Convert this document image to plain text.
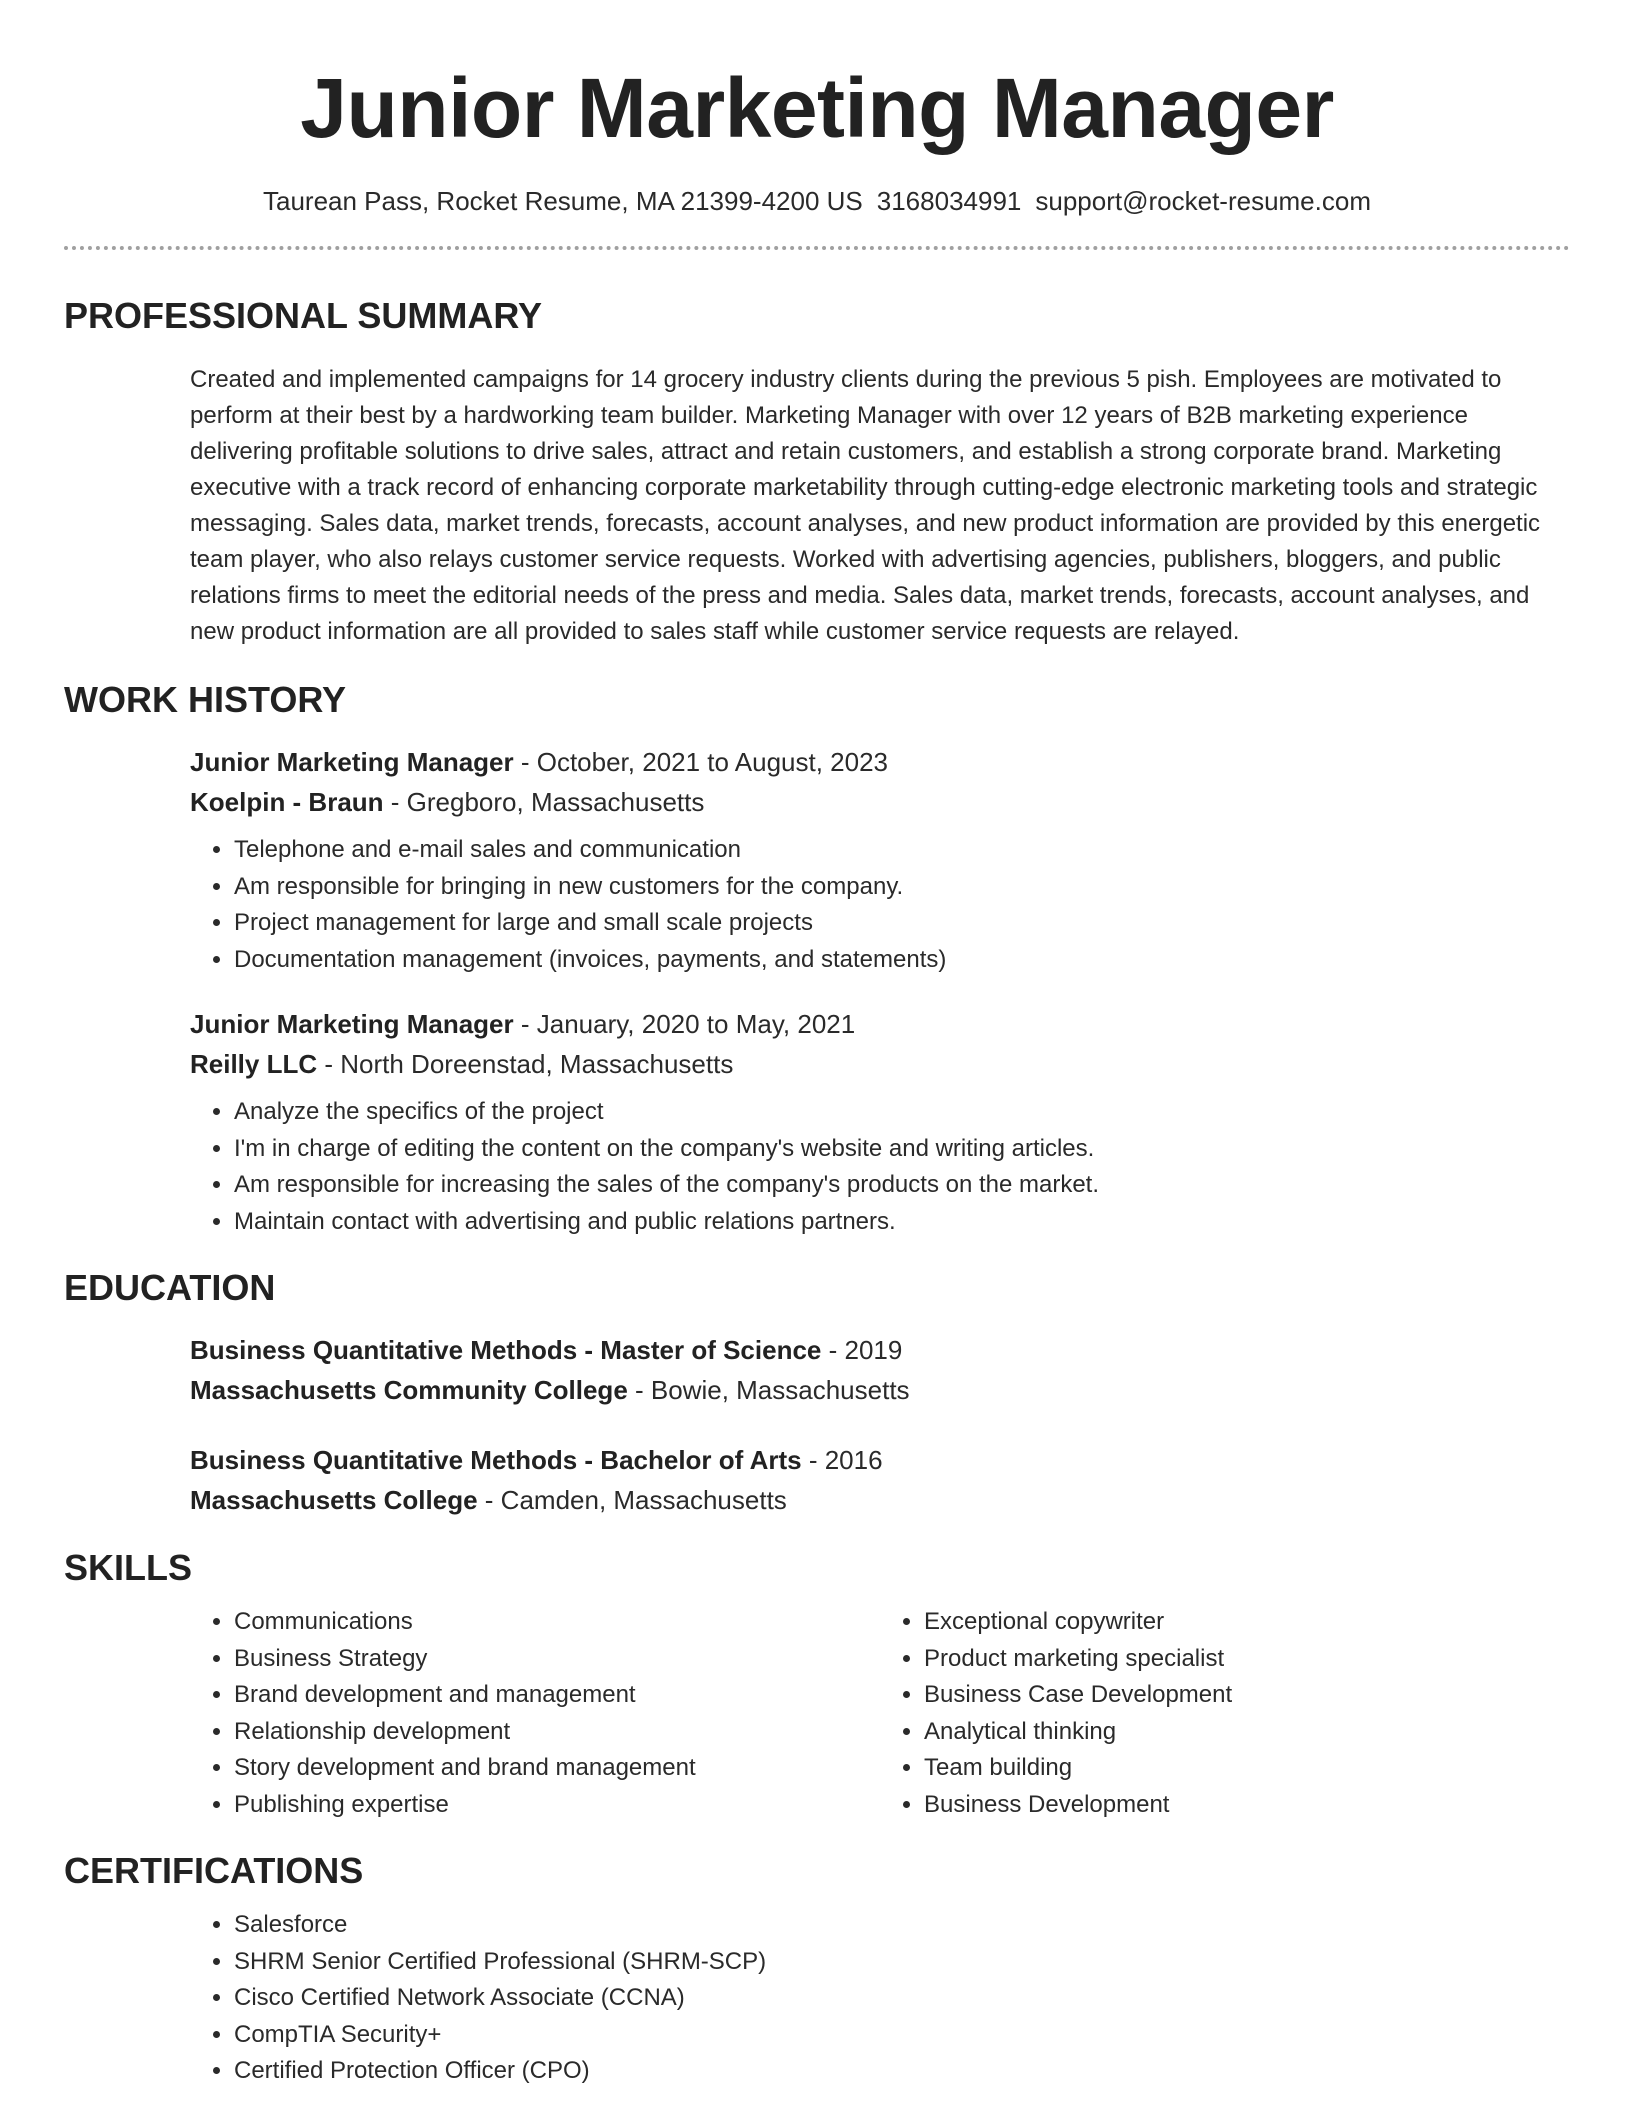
Junior Marketing Manager
Taurean Pass, Rocket Resume, MA 21399-4200 US 3168034991 support@rocket-resume.com
PROFESSIONAL SUMMARY
Created and implemented campaigns for 14 grocery industry clients during the previous 5 pish. Employees are motivated to perform at their best by a hardworking team builder. Marketing Manager with over 12 years of B2B marketing experience delivering profitable solutions to drive sales, attract and retain customers, and establish a strong corporate brand. Marketing executive with a track record of enhancing corporate marketability through cutting-edge electronic marketing tools and strategic messaging. Sales data, market trends, forecasts, account analyses, and new product information are provided by this energetic team player, who also relays customer service requests. Worked with advertising agencies, publishers, bloggers, and public relations firms to meet the editorial needs of the press and media. Sales data, market trends, forecasts, account analyses, and new product information are all provided to sales staff while customer service requests are relayed.
WORK HISTORY
Junior Marketing Manager - October, 2021 to August, 2023
Koelpin - Braun - Gregboro, Massachusetts
• Telephone and e-mail sales and communication
• Am responsible for bringing in new customers for the company.
• Project management for large and small scale projects
• Documentation management (invoices, payments, and statements)
Junior Marketing Manager - January, 2020 to May, 2021
Reilly LLC - North Doreenstad, Massachusetts
• Analyze the specifics of the project
• I'm in charge of editing the content on the company's website and writing articles.
• Am responsible for increasing the sales of the company's products on the market.
• Maintain contact with advertising and public relations partners.
EDUCATION
Business Quantitative Methods - Master of Science - 2019
Massachusetts Community College - Bowie, Massachusetts
Business Quantitative Methods - Bachelor of Arts - 2016
Massachusetts College - Camden, Massachusetts
SKILLS
• Communications
• Business Strategy
• Brand development and management
• Relationship development
• Story development and brand management
• Publishing expertise
• Exceptional copywriter
• Product marketing specialist
• Business Case Development
• Analytical thinking
• Team building
• Business Development
CERTIFICATIONS
• Salesforce
• SHRM Senior Certified Professional (SHRM-SCP)
• Cisco Certified Network Associate (CCNA)
• CompTIA Security+
• Certified Protection Officer (CPO)
